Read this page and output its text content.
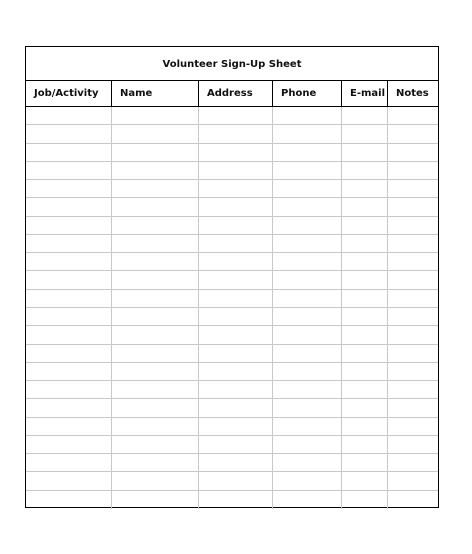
Volunteer Sign-Up Sheet
Job/Activity	Name	Address	Phone	E-mail	Notes
